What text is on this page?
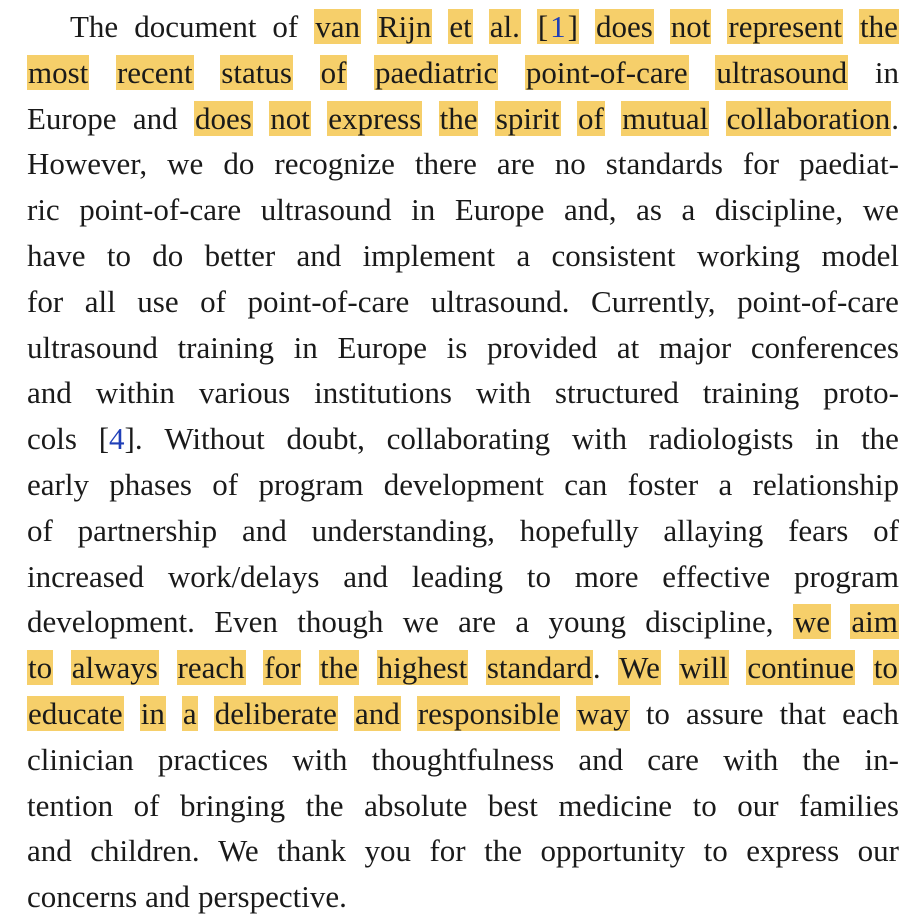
The document of van Rijn et al. [1] does not represent the
most recent status of paediatric point-of-care ultrasound in
Europe and does not express the spirit of mutual collaboration.
However, we do recognize there are no standards for paediat-
ric point-of-care ultrasound in Europe and, as a discipline, we
have to do better and implement a consistent working model
for all use of point-of-care ultrasound. Currently, point-of-care
ultrasound training in Europe is provided at major conferences
and within various institutions with structured training proto-
cols [4]. Without doubt, collaborating with radiologists in the
early phases of program development can foster a relationship
of partnership and understanding, hopefully allaying fears of
increased work/delays and leading to more effective program
development. Even though we are a young discipline, we aim
to always reach for the highest standard. We will continue to
educate in a deliberate and responsible way to assure that each
clinician practices with thoughtfulness and care with the in-
tention of bringing the absolute best medicine to our families
and children. We thank you for the opportunity to express our
concerns and perspective.
